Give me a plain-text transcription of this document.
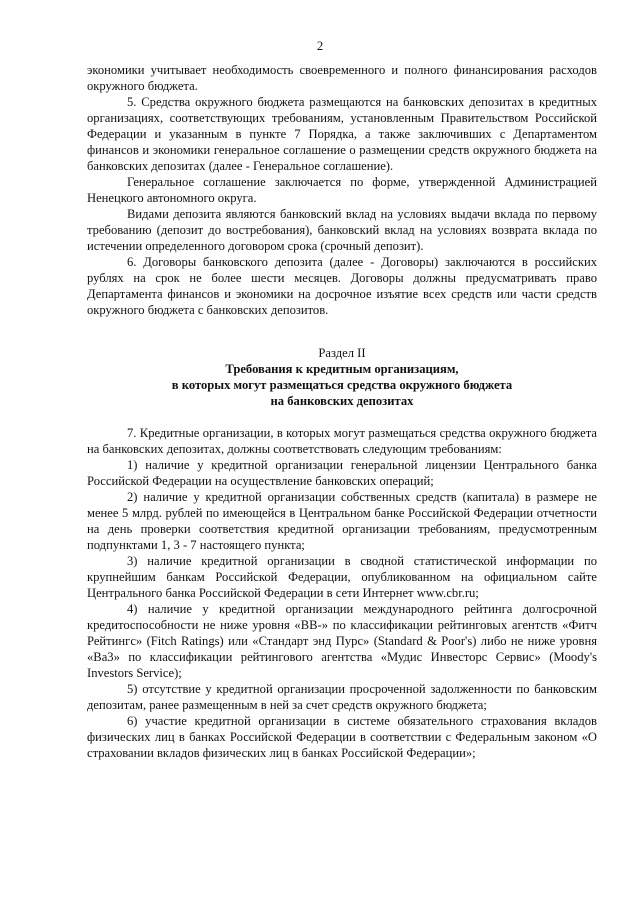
2

экономики учитывает необходимость своевременного и полного финансирования расходов окружного бюджета.

5. Средства окружного бюджета размещаются на банковских депозитах в кредитных организациях, соответствующих требованиям, установленным Правительством Российской Федерации и указанным в пункте 7 Порядка, а также заключивших с Департаментом финансов и экономики генеральное соглашение о размещении средств окружного бюджета на банковских депозитах (далее - Генеральное соглашение).

Генеральное соглашение заключается по форме, утвержденной Администрацией Ненецкого автономного округа.

Видами депозита являются банковский вклад на условиях выдачи вклада по первому требованию (депозит до востребования), банковский вклад на условиях возврата вклада по истечении определенного договором срока (срочный депозит).

6. Договоры банковского депозита (далее - Договоры) заключаются в российских рублях на срок не более шести месяцев. Договоры должны предусматривать право Департамента финансов и экономики на досрочное изъятие всех средств или части средств окружного бюджета с банковских депозитов.

Раздел II

Требования к кредитным организациям,

в которых могут размещаться средства окружного бюджета

на банковских депозитах

7. Кредитные организации, в которых могут размещаться средства окружного бюджета на банковских депозитах, должны соответствовать следующим требованиям:

1) наличие у кредитной организации генеральной лицензии Центрального банка Российской Федерации на осуществление банковских операций;

2) наличие у кредитной организации собственных средств (капитала) в размере не менее 5 млрд. рублей по имеющейся в Центральном банке Российской Федерации отчетности на день проверки соответствия кредитной организации требованиям, предусмотренным подпунктами 1, 3 - 7 настоящего пункта;

3) наличие кредитной организации в сводной статистической информации по крупнейшим банкам Российской Федерации, опубликованном на официальном сайте Центрального банка Российской Федерации в сети Интернет www.cbr.ru;

4) наличие у кредитной организации международного рейтинга долгосрочной кредитоспособности не ниже уровня «ВВ-» по классификации рейтинговых агентств «Фитч Рейтингс» (Fitch Ratings) или «Стандарт энд Пурс» (Standard & Poor's) либо не ниже уровня «Ва3» по классификации рейтингового агентства «Мудис Инвесторс Сервис» (Moody's Investors Service);

5) отсутствие у кредитной организации просроченной задолженности по банковским депозитам, ранее размещенным в ней за счет средств окружного бюджета;

6) участие кредитной организации в системе обязательного страхования вкладов физических лиц в банках Российской Федерации в соответствии с Федеральным законом «О страховании вкладов физических лиц в банках Российской Федерации»;
